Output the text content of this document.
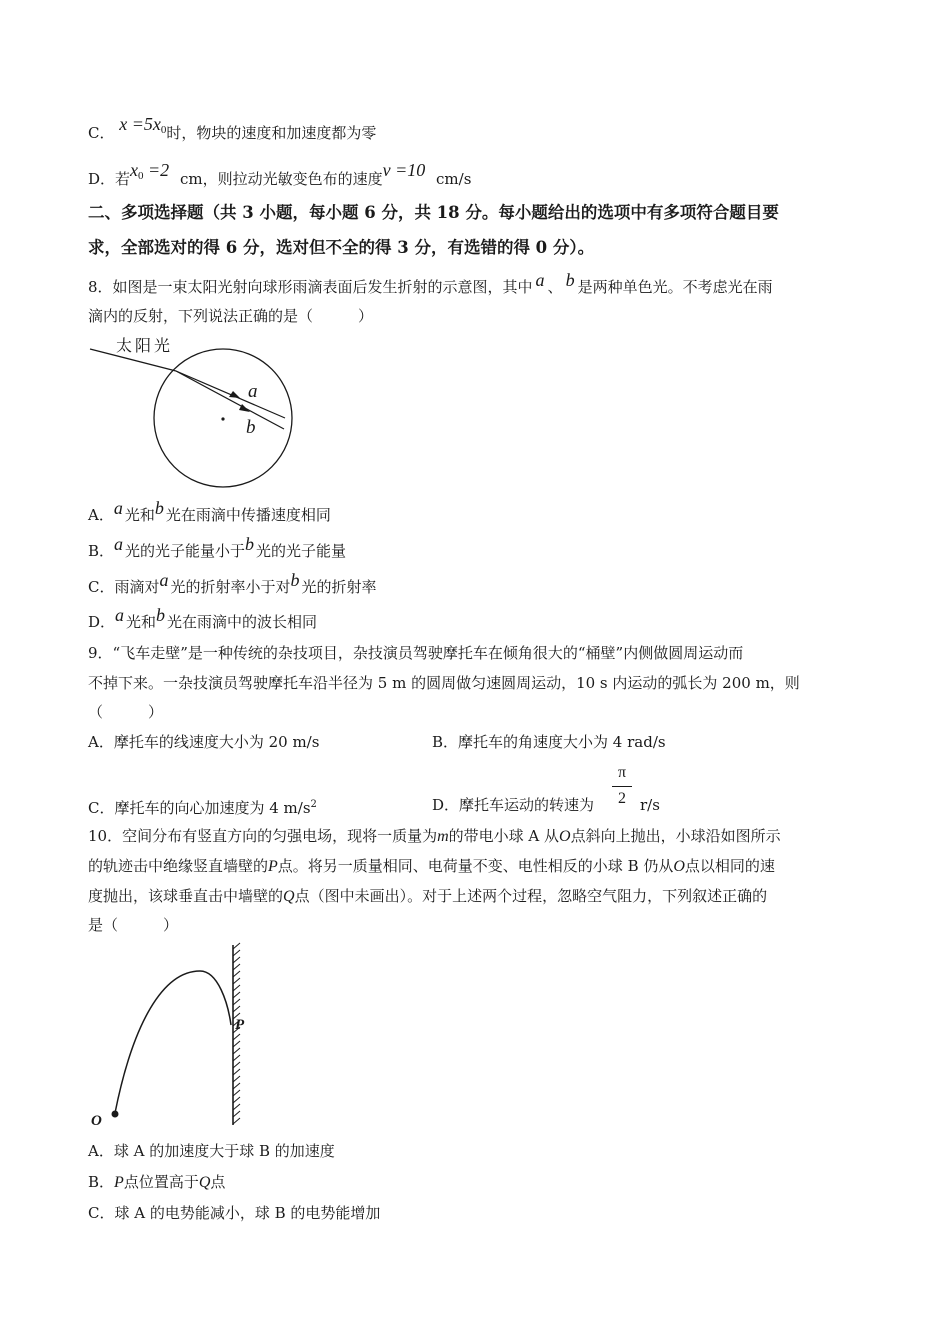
C． $x =5x_0$时，物块的速度和加速度都为零
D．若$x_0 =2$ cm，则拉动光敏变色布的速度v =10 cm/s
二、多项选择题（共 3 小题，每小题 6 分，共 18 分。每小题给出的选项中有多项符合题目要
求，全部选对的得 6 分，选对但不全的得 3 分，有选错的得 0 分）。
8．如图是一束太阳光射向球形雨滴表面后发生折射的示意图，其中 a 、 b 是两种单色光。不考虑光在雨
滴内的反射，下列说法正确的是（　　　）
太阳光
a
b
A．a 光和b 光在雨滴中传播速度相同
B．a 光的光子能量小于b 光的光子能量
C．雨滴对a 光的折射率小于对b 光的折射率
D．a 光和b 光在雨滴中的波长相同
9．“飞车走壁”是一种传统的杂技项目，杂技演员驾驶摩托车在倾角很大的“桶壁”内侧做圆周运动而
不掉下来。一杂技演员驾驶摩托车沿半径为 5 m 的圆周做匀速圆周运动，10 s 内运动的弧长为 200 m，则
（　　　）
A．摩托车的线速度大小为 20 m/s	B．摩托车的角速度大小为 4 rad/s
C．摩托车的向心加速度为 4 $m/s^2$	D．摩托车运动的转速为
π
2 r/s
10．空间分布有竖直方向的匀强电场，现将一质量为m的带电小球 A 从O点斜向上抛出，小球沿如图所示
的轨迹击中绝缘竖直墙壁的P点。将另一质量相同、电荷量不变、电性相反的小球 B 仍从O点以相同的速
度抛出，该球垂直击中墙壁的Q点（图中未画出）。对于上述两个过程，忽略空气阻力，下列叙述正确的
是（　　　）
O
P
A．球 A 的加速度大于球 B 的加速度
B．P点位置高于Q点
C．球 A 的电势能减小，球 B 的电势能增加
